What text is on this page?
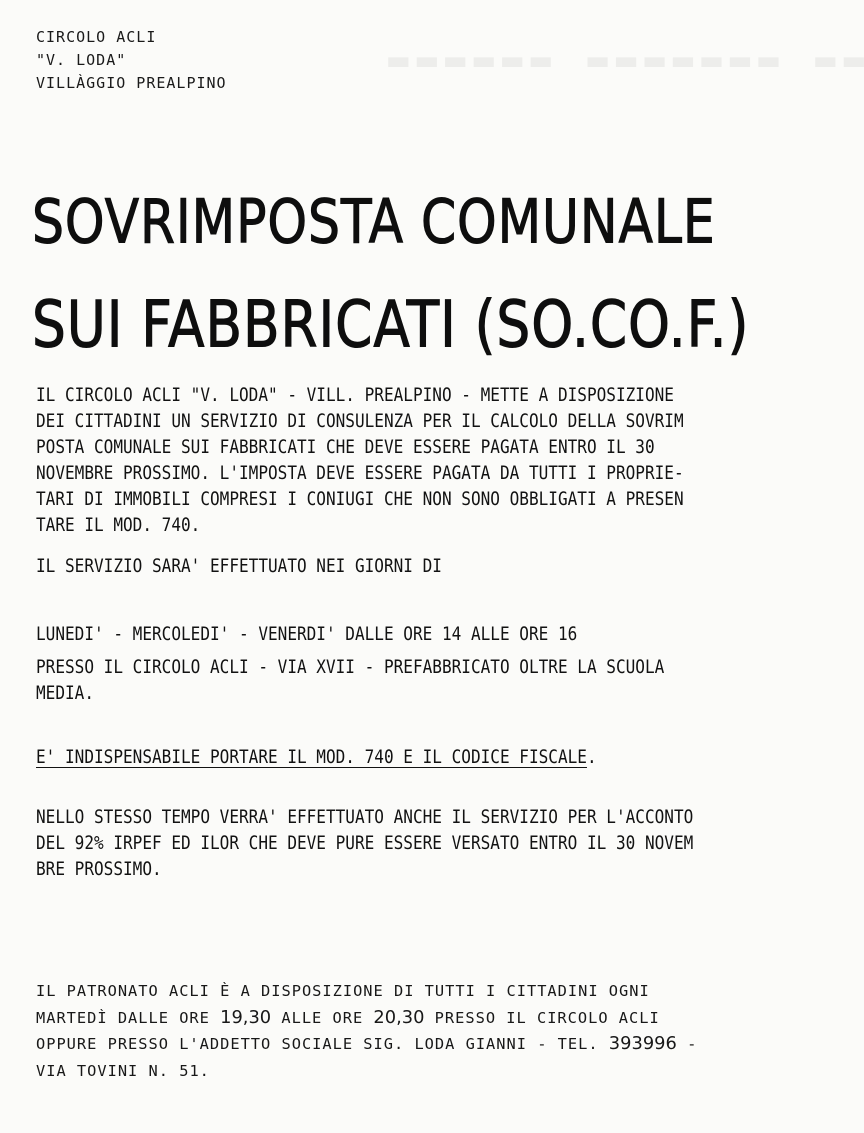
▬▬ ▬▬▬▬▬▬▬ ▬▬▬▬▬▬
CIRCOLO ACLI
"V. LODA"
VILLÀGGIO PREALPINO
SOVRIMPOSTA COMUNALE
SUI FABBRICATI (SO.CO.F.)
IL CIRCOLO ACLI "V. LODA" - VILL. PREALPINO - METTE A DISPOSIZIONE
DEI CITTADINI UN SERVIZIO DI CONSULENZA PER IL CALCOLO DELLA SOVRIM
POSTA COMUNALE SUI FABBRICATI CHE DEVE ESSERE PAGATA ENTRO IL 30
NOVEMBRE PROSSIMO. L'IMPOSTA DEVE ESSERE PAGATA DA TUTTI I PROPRIE-
TARI DI IMMOBILI COMPRESI I CONIUGI CHE NON SONO OBBLIGATI A PRESEN
TARE IL MOD. 740.
IL SERVIZIO SARA' EFFETTUATO NEI GIORNI DI
LUNEDI' - MERCOLEDI' - VENERDI' DALLE ORE 14 ALLE ORE 16
PRESSO IL CIRCOLO ACLI - VIA XVII - PREFABBRICATO OLTRE LA SCUOLA
MEDIA.
E' INDISPENSABILE PORTARE IL MOD. 740 E IL CODICE FISCALE.
NELLO STESSO TEMPO VERRA' EFFETTUATO ANCHE IL SERVIZIO PER L'ACCONTO
DEL 92% IRPEF ED ILOR CHE DEVE PURE ESSERE VERSATO ENTRO IL 30 NOVEM
BRE PROSSIMO.
IL PATRONATO ACLI È A DISPOSIZIONE DI TUTTI I CITTADINI OGNI
MARTEDÌ DALLE ORE 19,30 ALLE ORE 20,30 PRESSO IL CIRCOLO ACLI
OPPURE PRESSO L'ADDETTO SOCIALE SIG. LODA GIANNI - TEL. 393996 -
VIA TOVINI N. 51.
